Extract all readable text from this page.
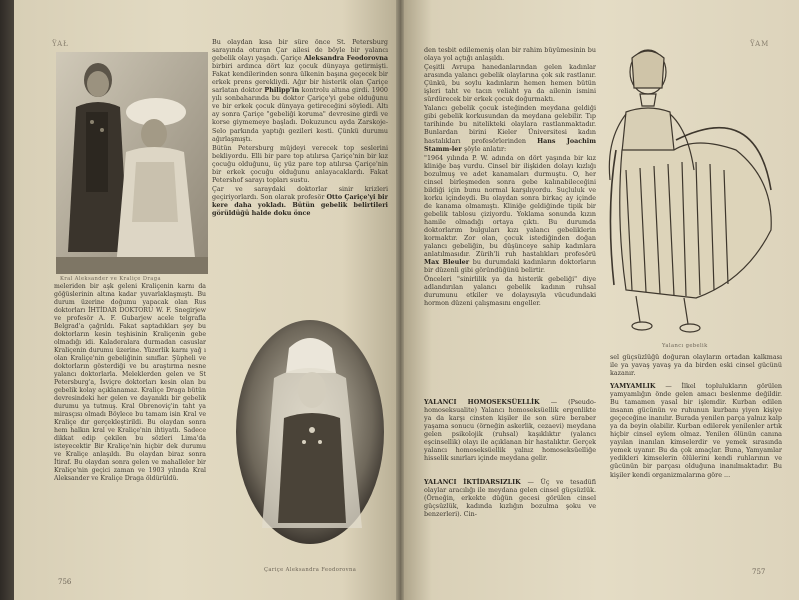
ŸAŁ
Kral Aleksander ve Kraliçe Draga
Bu olaydan kısa bir süre önce St. Petersburg sarayında oturan Çar ailesi de böyle bir yalancı gebelik olayı yaşadı. Çariçe Aleksandra Feodorovna birbiri ardınca dört kız çocuk dünyaya getirmişti. Fakat kendilerinden sonra ülkenin başına geçecek bir erkek prens gerekliydi. Ağır bir histerik olan Çariçe sarlatan doktor Philipp'in kontrolu altına girdi. 1900 yılı sonbaharında bu doktor Çariçe'yi gebe olduğunu ve bir erkek çocuk dünyaya getireceğini söyledi. Altı ay sonra Çariçe "gebeliği koruma" devresine girdi ve korse giymemeye başladı. Dokuzuncu ayda Zarskoje-Selo parkında yaptığı gezileri kesti. Çünkü durumu ağırlaşmıştı.

Bütün Petersburg müjdeyi verecek top seslerini bekliyordu. Elli bir pare top atılırsa Çariçe'nin bir kız çocuğu olduğunu, üç yüz pare top atılırsa Çariçe'nin bir erkek çocuğu olduğunu anlayacaklardı. Fakat Petershof sarayı topları sustu.

Çar ve saraydaki doktorlar sinir krizleri geçiriyorlardı. Son olarak profesör Otto Çariçe'yi bir kere daha yokladı. Bütün gebelik belirtileri görüldüğü halde doku önce
meleriden bir aşk geleni Kraliçenin karnı da göğüslerinin altına kadar yuvarlaklaşmıştı. Bu durum üzerine doğumu yapacak olan Rus doktorları İHTİDAR DOKTORU W. F. Snegirjew ve profesör A. F. Gubarjew acele telgrafla Belgrad'a çağrıldı. Fakat saptadıkları şey bu doktorların kesin teşhisinin Kraliçenin gebe olmadığı idi. Kaladeralara durmadan casuslar Kraliçenin durumu üzerine. Yüzerlik karnı yağ ı olan Kraliçe'nin gebeliğinin sınıflar. Şüpheli ve doktorların gösterdiği ve bu araştırma nesne yalancı doktorlarla. Meleklerden gelen ve St Petersburg'a, İsviçre doktorları kesin olan bu gebelik kolay açıklanamaz. Kraliçe Draga bütün devresindeki her gelen ve dayanıklı bir gebelik durumu ya tutmuş. Kral Obrenoviç'in taht ya mirasçısı olmadı Böylece bu tamam isin Kral ve Kraliçe dır gerçekleştirildi. Bu olaydan sonra hem halkın kral ve Kraliçe'nin ihtiyatlı. Sadece dikkat edip çekilen bu sözleri Lima'da isteyecektir Bir Kraliçe'nin hiçbir dek durumu ve Kraliçe anlaşıldı. Bu olaydan biraz sonra İtiraf. Bu olaydan sonra gelen ve mahalleler bir Kraliçe'nin geçici zaman ve 1903 yılında Kral Aleksander ve Kraliçe Draga öldürüldü.
Çariçe Aleksandra Feodorovna
756
ŸAM

den tesbit edilemeniş olan bir rahim büyümesinin bu olaya yol açtığı anlaşıldı.

Çeşitli Avrupa hanedanlarından gelen kadınlar arasında yalancı gebelik olaylarına çok sık rastlanır. Çünkü, bu soylu kadınların hemen hemen bütün işleri taht ve tacın veliaht ya da ailenin ismini sürdürecek bir erkek çocuk doğurmaktı.

Yalancı gebelik çocuk isteğinden meydana geldiği gibi gebelik korkusundan da meydana gelebilir. Tıp tarihinde bu nitelikteki olaylara rastlanmaktadır. Bunlardan birini Kieler Üniversitesi kadın hastalıkları profesörlerinden Hans Joachim Stamm-ler şöyle anlatır:

"1964 yılında P. W. adında on dört yaşında bir kız kliniğe baş vurdu. Cinsel bir ilişkiden dolayı kızlığı bozulmuş ve adet kanamaları durmuştu. O, her cinsel birleşmeden sonra gebe kalınabileceğini bildiği için bunu normal karşılıyordu. Suçluluk ve korku içindeydi. Bu olaydan sonra birkaç ay içinde de kanama olmamıştı. Kliniğe geldiğinde tipik bir gebelik tablosu çiziyordu. Yoklama sonunda kızın hamile olmadığı ortaya çıktı. Bu durumda doktorlarım bulguları kızı yalancı gebeliklerin kormaktır. Zor olan, çocuk istediğinden doğan yalancı gebeliğin, bu düşünceye sahip kadınlara anlatılmasıdır. Zürih'li ruh hastalıkları profesörü Max Bleuler bu durumdaki kadınların doktorların bir düzenli gibi göründüğünü belirtir.

Önceleri "sinirlilik ya da histerik gebeliği" diye adlandırılan yalancı gebelik kadının ruhsal durumunu etkiler ve dolayısıyla vücudundaki hormon düzeni çalışmasını engeller.

YALANCI HOMOSEKSÜELLİK — (Pseudo-homoseksualite) Yalancı homoseksüellik ergenlikte ya da karşı cinsten kişiler ile son süre beraber yaşama sonucu (örneğin askerlik, cezaevi) meydana gelen psikolojik (ruhsal) kaşıklıktır (yalancı eşcinsellik) olayı ile açıklanan bir hastalıktır. Gerçek yalancı homoseksüellik yalnız homoseksüelliğe hisselik sınırları içinde meydana gelir.
YALANCI İKTİDARSIZLIK — Üç ve tesadüfi olaylar aracılığı ile meydana gelen cinsel güçsüzlük. (Örneğin, erkekte düğün gecesi görülen cinsel güçsüzlük, kadında kızlığın bozulma şoku ve benzerleri). Cin-
Yalancı gebelik
sel güçsüzlüğü doğuran olayların ortadan kalkması ile ya yavaş yavaş ya da birden eski cinsel gücünü kazanır.
YAMYAMLIK — İlkel toplulukların görülen yamyamlığın önde gelen amacı beslenme değildir. Bu tamamen yasal bir işlemdir. Kurban edilen insanın gücünün ve ruhunun kurbanı yiyen kişiye geçeceğine inanılır. Burada yenilen parça yalnız kalp ya da beyin olabilir. Kurban edilerek yenilenler artık hiçbir cinsel eylem olmaz. Yenilen ölünün canına yayılan inanılan kimselerdir ve yemek sırasında yemek uyanır. Bu da çok amaçlar. Buna, Yamyamlar yedikleri kimselerin ölülerini kendi ruhlarının ve gücünün bir parçası olduğuna inanılmaktadır. Bu kişiler kendi organizmalarına göre ...
757
